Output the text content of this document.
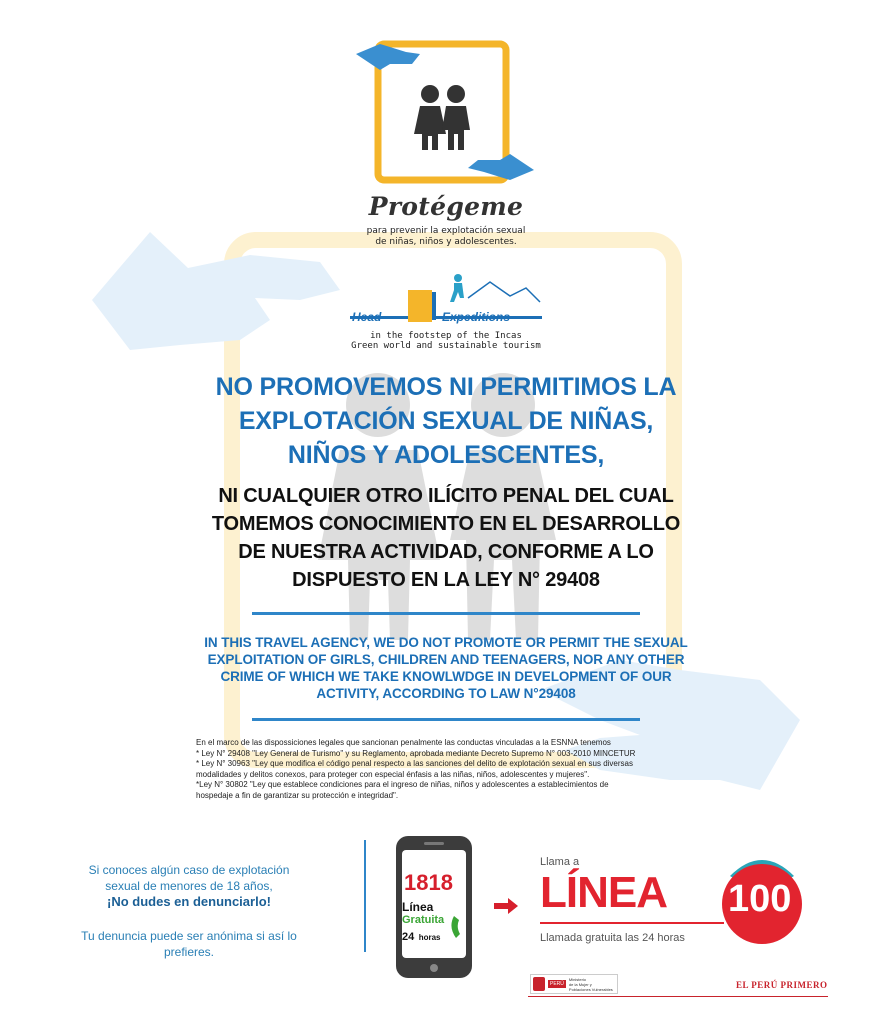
Protégeme
para prevenir la explotación sexual
de niñas, niños y adolescentes.
Head	Expeditions
in the footstep of the Incas
Green world and sustainable tourism
NO PROMOVEMOS NI PERMITIMOS LA
EXPLOTACIÓN SEXUAL DE NIÑAS,
NIÑOS Y ADOLESCENTES,
NI CUALQUIER OTRO ILÍCITO PENAL DEL CUAL
TOMEMOS CONOCIMIENTO EN EL DESARROLLO
DE NUESTRA ACTIVIDAD, CONFORME A LO
DISPUESTO EN LA LEY N° 29408
IN THIS TRAVEL AGENCY, WE DO NOT PROMOTE OR PERMIT THE SEXUAL
EXPLOITATION OF GIRLS, CHILDREN AND TEENAGERS, NOR ANY OTHER
CRIME OF WHICH WE TAKE KNOWLWDGE IN DEVELOPMENT OF OUR
ACTIVITY, ACCORDING TO LAW N°29408
En el marco de las dispossiciones legales que sancionan penalmente las conductas vinculadas a la ESNNA tenemos
* Ley N° 29408 "Ley General de Turismo" y su Reglamento, aprobada mediante Decreto Supremo N° 003-2010 MINCETUR
* Ley N° 30963 "Ley que modifica el código penal respecto a las sanciones del delito de explotación sexual en sus diversas
modalidades y delitos conexos, para proteger con especial énfasis a las niñas, niños, adolescentes y mujeres".
*Ley N° 30802 "Ley que establece condiciones para el ingreso de niñas, niños y adolescentes a establecimientos de
hospedaje a fin de garantizar su protección e integridad".
Si conoces algún caso de explotación
sexual de menores de 18 años,
¡No dudes en denunciarlo!
Tu denuncia puede ser anónima si así lo prefieres.
1818
Línea
Gratuita
24 horas
Llama a
100
LÍNEA
Llamada gratuita las 24 horas
PERÚ
Ministerio
de la Mujer y
Poblaciones Vulnerables	EL PERÚ PRIMERO
